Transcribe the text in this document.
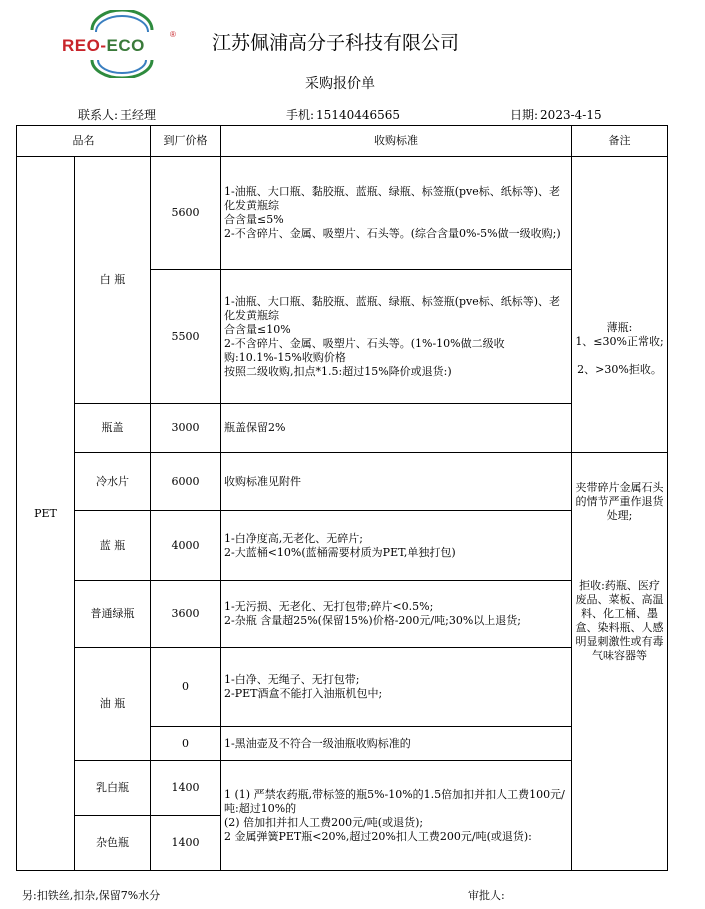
REO-ECO
® 江苏佩浦高分子科技有限公司
采购报价单
联系人: 王经理	手机: 15140446565	日期: 2023-4-15
品名		到厂价格	收购标准	备注
PET	白 瓶	5600	1-油瓶、大口瓶、黏胶瓶、蓝瓶、绿瓶、标签瓶(pve标、纸标等)、老化发黄瓶综
合含量≤5%
2-不含碎片、金属、吸塑片、石头等。(综合含量0%-5%做一级收购;)	薄瓶:
1、≤30%正常收;

2、>30%拒收。
		5500	1-油瓶、大口瓶、黏胶瓶、蓝瓶、绿瓶、标签瓶(pve标、纸标等)、老化发黄瓶综
合含量≤10%
2-不含碎片、金属、吸塑片、石头等。(1%-10%做二级收购:10.1%-15%收购价格
按照二级收购,扣点*1.5:超过15%降价或退货:)	
	瓶盖	3000	瓶盖保留2%	
	冷水片	6000	收购标准见附件	夹带碎片金属石头的情节严重作退货处理;
拒收:药瓶、医疗废品、菜板、高温料、化工桶、墨盒、染料瓶、人感明显刺激性或有毒气味容器等

	蓝 瓶	4000	1-白净度高,无老化、无碎片;
2-大蓝桶<10%(蓝桶需要材质为PET,单独打包)	
	普通绿瓶	3600	1-无污损、无老化、无打包带;碎片<0.5%;
2-杂瓶 含量超25%(保留15%)价格-200元/吨;30%以上退货;	
	油 瓶	0	1-白净、无绳子、无打包带;
2-PET酒盒不能打入油瓶机包中;	
		0	1-黑油壶及不符合一级油瓶收购标准的	
	乳白瓶	1400	1 (1) 严禁农药瓶,带标签的瓶5%-10%的1.5倍加扣并扣人工费100元/吨:超过10%的
(2) 倍加扣并扣人工费200元/吨(或退货);
2 金属弹簧PET瓶<20%,超过20%扣人工费200元/吨(或退货):	
	杂色瓶	1400		
另:扣铁丝,扣杂,保留7%水分	审批人:
